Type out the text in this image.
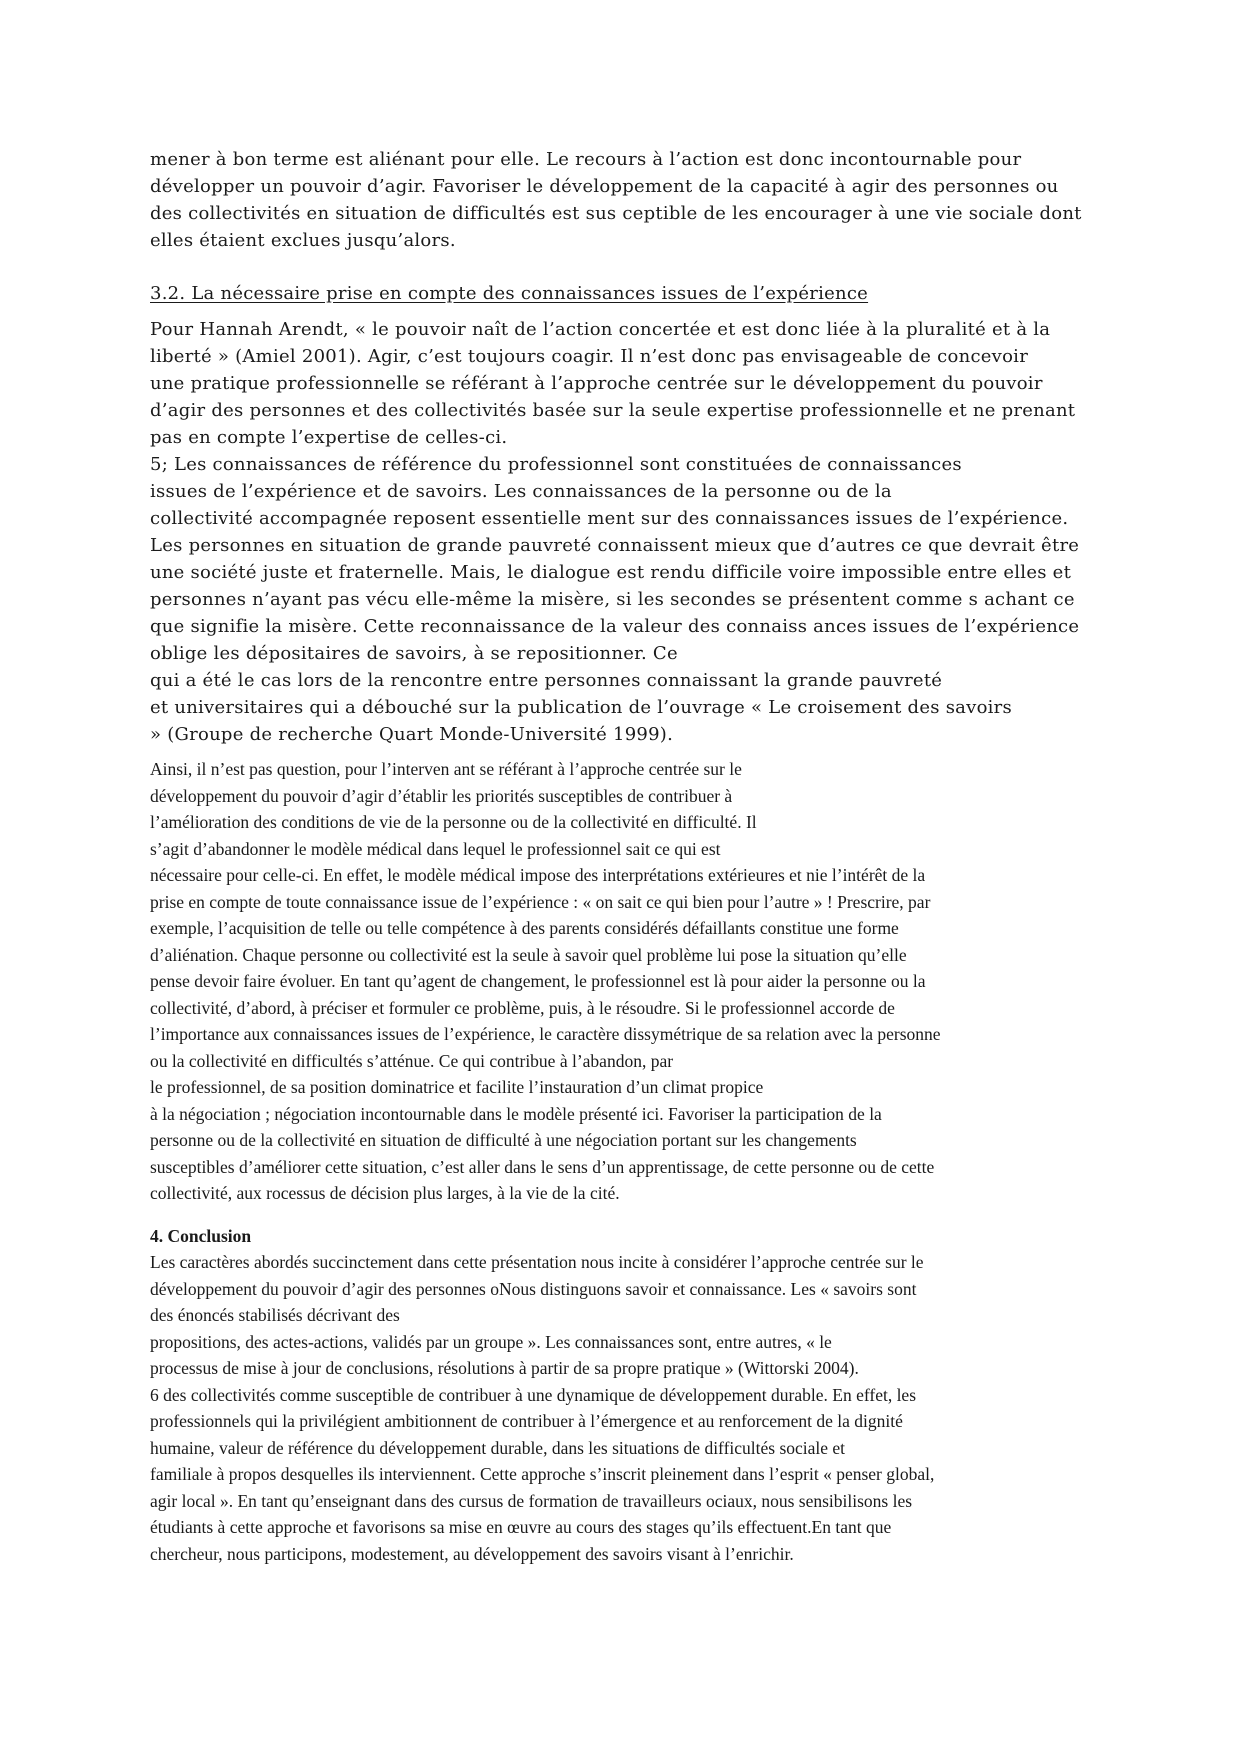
mener à bon terme est aliénant pour elle. Le recours à l’action est donc incontournable pour
développer un pouvoir d’agir. Favoriser le développement de la capacité à agir des personnes ou
des collectivités en situation de difficultés est sus ceptible de les encourager à une vie sociale dont
elles étaient exclues jusqu’alors.
3.2. La nécessaire prise en compte des connaissances issues de l’expérience
Pour Hannah Arendt, « le pouvoir naît de l’action concertée et est donc liée à la pluralité et à la
liberté » (Amiel 2001). Agir, c’est toujours coagir. Il n’est donc pas envisageable de concevoir
une pratique professionnelle se référant à l’approche centrée sur le développement du pouvoir
d’agir des personnes et des collectivités basée sur la seule expertise professionnelle et ne prenant
pas en compte l’expertise de celles-ci.
5; Les connaissances de référence du professionnel sont constituées de connaissances
issues de l’expérience et de savoirs. Les connaissances de la personne ou de la
collectivité accompagnée reposent essentielle ment sur des connaissances issues de l’expérience.
Les personnes en situation de grande pauvreté connaissent mieux que d’autres ce que devrait être
une société juste et fraternelle. Mais, le dialogue est rendu difficile voire impossible entre elles et
personnes n’ayant pas vécu elle-même la misère, si les secondes se présentent comme s achant ce
que signifie la misère. Cette reconnaissance de la valeur des connaiss ances issues de l’expérience
oblige les dépositaires de savoirs, à se repositionner. Ce
qui a été le cas lors de la rencontre entre personnes connaissant la grande pauvreté
et universitaires qui a débouché sur la publication de l’ouvrage « Le croisement des savoirs
» (Groupe de recherche Quart Monde-Université 1999).
Ainsi, il n’est pas question, pour l’interven ant se référant à l’approche centrée sur le
développement du pouvoir d’agir d’établir les priorités susceptibles de contribuer à
l’amélioration des conditions de vie de la personne ou de la collectivité en difficulté. Il
s’agit d’abandonner le modèle médical dans lequel le professionnel sait ce qui est
nécessaire pour celle-ci. En effet, le modèle médical impose des interprétations extérieures et nie l’intérêt de la
prise en compte de toute connaissance issue de l’expérience : « on sait ce qui bien pour l’autre » ! Prescrire, par
exemple, l’acquisition de telle ou telle compétence à des parents considérés défaillants constitue une forme
d’aliénation. Chaque personne ou collectivité est la seule à savoir quel problème lui pose la situation qu’elle
pense devoir faire évoluer. En tant qu’agent de changement, le professionnel est là pour aider la personne ou la
collectivité, d’abord, à préciser et formuler ce problème, puis, à le résoudre. Si le professionnel accorde de
l’importance aux connaissances issues de l’expérience, le caractère dissymétrique de sa relation avec la personne
ou la collectivité en difficultés s’atténue. Ce qui contribue à l’abandon, par
le professionnel, de sa position dominatrice et facilite l’instauration d’un climat propice
à la négociation ; négociation incontournable dans le modèle présenté ici. Favoriser la participation de la
personne ou de la collectivité en situation de difficulté à une négociation portant sur les changements
susceptibles d’améliorer cette situation, c’est aller dans le sens d’un apprentissage, de cette personne ou de cette
collectivité, aux rocessus de décision plus larges, à la vie de la cité.
4. Conclusion
Les caractères abordés succinctement dans cette présentation nous incite à considérer l’approche centrée sur le
développement du pouvoir d’agir des personnes oNous distinguons savoir et connaissance. Les « savoirs sont
des énoncés stabilisés décrivant des
propositions, des actes-actions, validés par un groupe ». Les connaissances sont, entre autres, « le
processus de mise à jour de conclusions, résolutions à partir de sa propre pratique » (Wittorski 2004).
6 des collectivités comme susceptible de contribuer à une dynamique de développement durable. En effet, les
professionnels qui la privilégient ambitionnent de contribuer à l’émergence et au renforcement de la dignité
humaine, valeur de référence du développement durable, dans les situations de difficultés sociale et
familiale à propos desquelles ils interviennent. Cette approche s’inscrit pleinement dans l’esprit « penser global,
agir local ». En tant qu’enseignant dans des cursus de formation de travailleurs ociaux, nous sensibilisons les
étudiants à cette approche et favorisons sa mise en œuvre au cours des stages qu’ils effectuent.En tant que
chercheur, nous participons, modestement, au développement des savoirs visant à l’enrichir.
